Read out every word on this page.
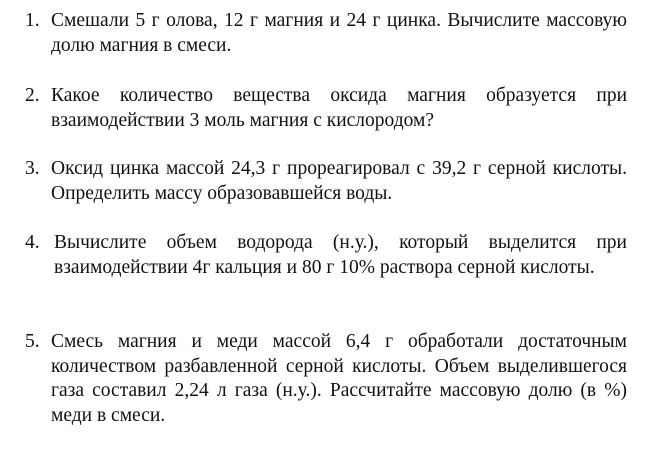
1. Смешали 5 г олова, 12 г магния и 24 г цинка. Вычислите массовую долю магния в смеси.
2. Какое количество вещества оксида магния образуется при взаимодействии 3 моль магния с кислородом?
3. Оксид цинка массой 24,3 г прореагировал с 39,2 г серной кислоты. Определить массу образовавшейся воды.
4. Вычислите объем водорода (н.у.), который выделится при взаимодействии 4г кальция и 80 г 10% раствора серной кислоты.
5. Смесь магния и меди массой 6,4 г обработали достаточным количеством разбавленной серной кислоты. Объем выделившегося газа составил 2,24 л газа (н.у.). Рассчитайте массовую долю (в %) меди в смеси.
